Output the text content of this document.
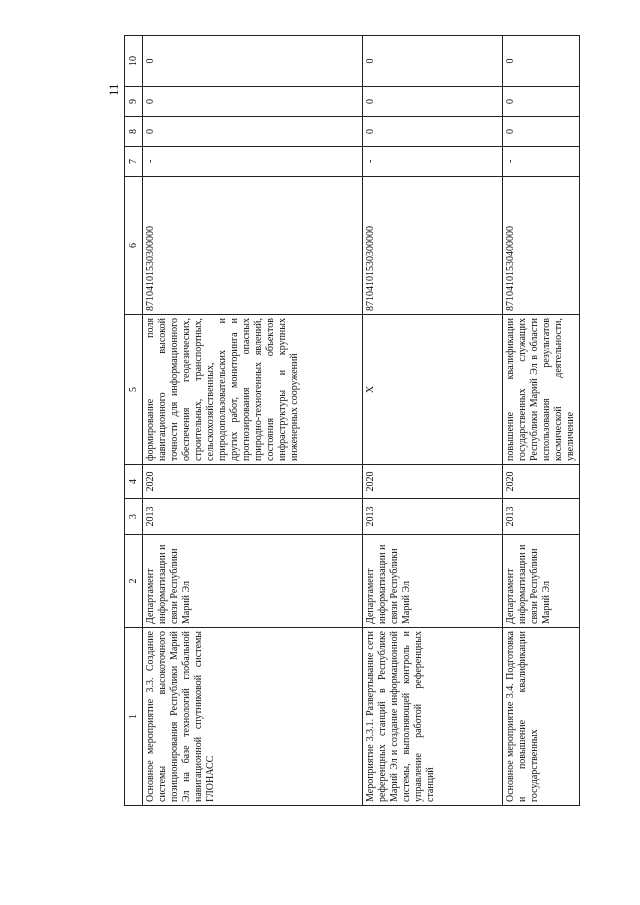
11
1	2	3	4	5	6	7	8	9	10
Основное мероприятие 3.3. Создание системы высокоточного позиционирования Республики Марий Эл на базе технологий глобальной навигационной спутниковой системы ГЛОНАСС	Департамент информатизации и связи Республики Марий Эл	2013	2020	формирование поля навигационного высокой точности для информационного обеспечения геодезических, строительных, транспортных, сельскохозяйственных, природопользовательских и других работ, мониторинга и прогнозирования опасных природно-техногенных явлений, состояния объектов инфраструктуры и крупных инженерных сооружений	87104101530300000	-	0	0	0
Мероприятие 3.3.1. Развертывание сети референцных станций в Республике Марий Эл и создание информационной системы, выполняющей контроль и управление работой референцных станций	Департамент информатизации и связи Республики Марий Эл	2013	2020	X	87104101530300000	-	0	0	0
Основное мероприятие 3.4. Подготовка и повышение квалификации государственных	Департамент информатизации и связи Республики Марий Эл	2013	2020	повышение квалификации государственных служащих Республики Марий Эл в области использования результатов космической деятельности, увеличение	87104101530400000	-	0	0	0
